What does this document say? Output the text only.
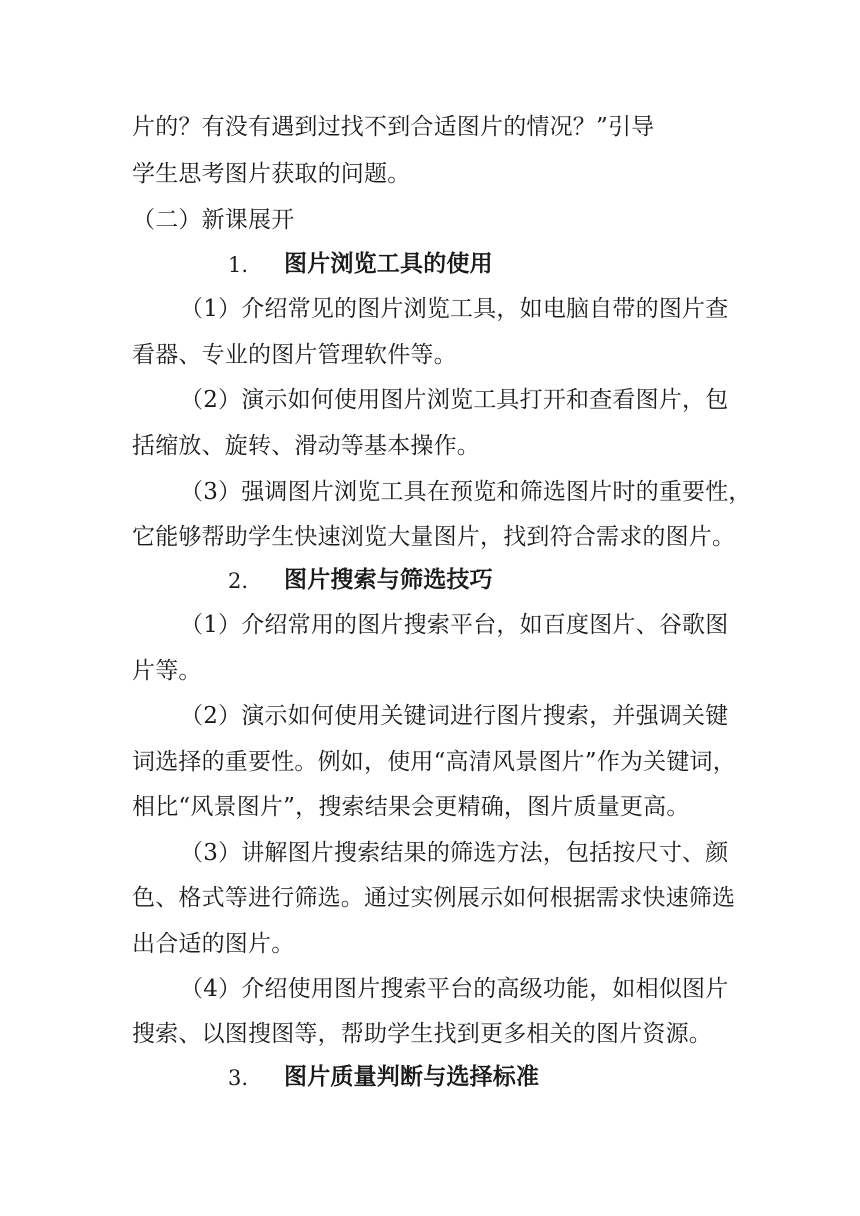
片的？有没有遇到过找不到合适图片的情况？”引导
学生思考图片获取的问题。
（二）新课展开
1. 图片浏览工具的使用
（1）介绍常见的图片浏览工具，如电脑自带的图片查
看器、专业的图片管理软件等。
（2）演示如何使用图片浏览工具打开和查看图片，包
括缩放、旋转、滑动等基本操作。
（3）强调图片浏览工具在预览和筛选图片时的重要性，
它能够帮助学生快速浏览大量图片，找到符合需求的图片。
2. 图片搜索与筛选技巧
（1）介绍常用的图片搜索平台，如百度图片、谷歌图
片等。
（2）演示如何使用关键词进行图片搜索，并强调关键
词选择的重要性。例如，使用“高清风景图片”作为关键词，
相比“风景图片”，搜索结果会更精确，图片质量更高。
（3）讲解图片搜索结果的筛选方法，包括按尺寸、颜
色、格式等进行筛选。通过实例展示如何根据需求快速筛选
出合适的图片。
（4）介绍使用图片搜索平台的高级功能，如相似图片
搜索、以图搜图等，帮助学生找到更多相关的图片资源。
3. 图片质量判断与选择标准
